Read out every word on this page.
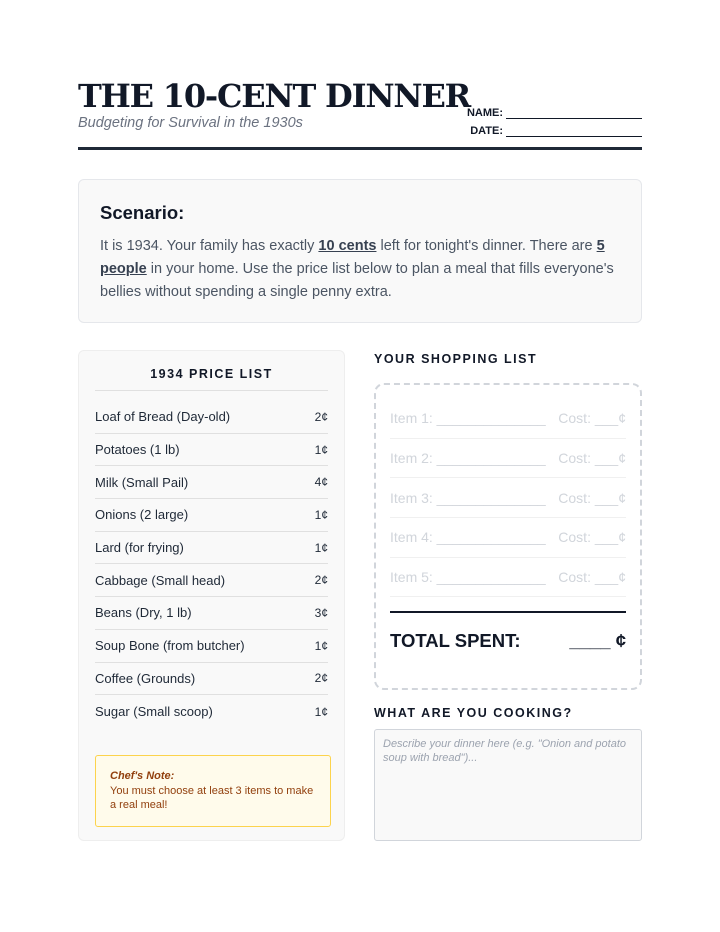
THE 10-CENT DINNER
Budgeting for Survival in the 1930s
NAME:
DATE:
Scenario:

It is 1934. Your family has exactly 10 cents left for tonight's dinner. There are 5 people in your home. Use the price list below to plan a meal that fills everyone's bellies without spending a single penny extra.

1934 PRICE LIST
Loaf of Bread (Day-old)	2¢
Potatoes (1 lb)	1¢
Milk (Small Pail)	4¢
Onions (2 large)	1¢
Lard (for frying)	1¢
Cabbage (Small head)	2¢
Beans (Dry, 1 lb)	3¢
Soup Bone (from butcher)	1¢
Coffee (Grounds)	2¢
Sugar (Small scoop)	1¢
Chef's Note:
You must choose at least 3 items to make a real meal!
YOUR SHOPPING LIST
Item 1: ______________ Cost: ___¢
Item 2: ______________ Cost: ___¢
Item 3: ______________ Cost: ___¢
Item 4: ______________ Cost: ___¢
Item 5: ______________ Cost: ___¢
TOTAL SPENT:	____ ¢
WHAT ARE YOU COOKING?
Describe your dinner here (e.g. "Onion and potato soup with bread")...
